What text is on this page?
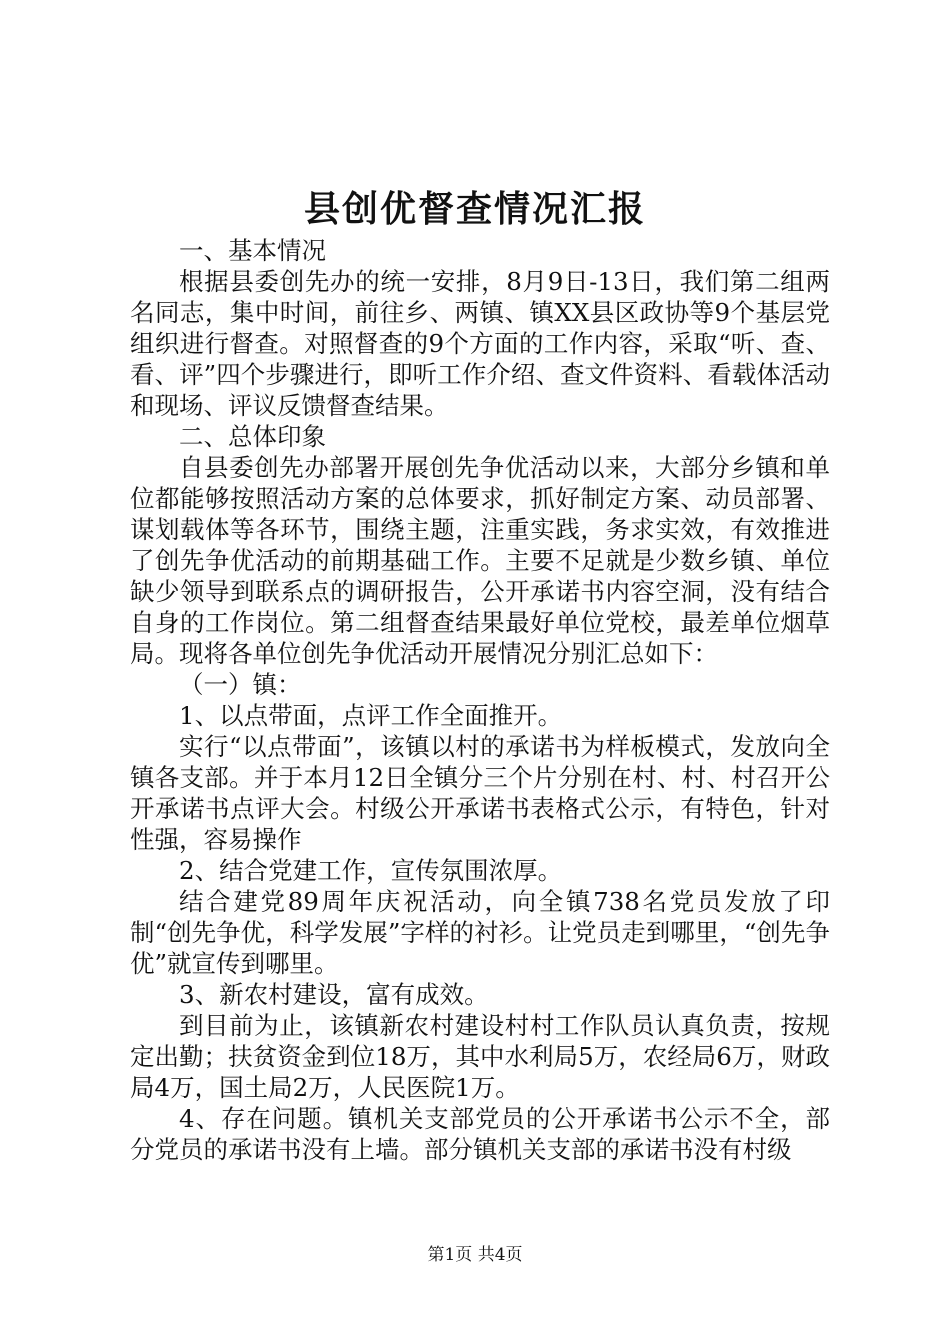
县创优督查情况汇报

一、基本情况

根据县委创先办的统一安排，8月9日-13日，我们第二组两名同志，集中时间，前往乡、两镇、镇XX县区政协等9个基层党组织进行督查。对照督查的9个方面的工作内容，采取“听、查、看、评”四个步骤进行，即听工作介绍、查文件资料、看载体活动和现场、评议反馈督查结果。

二、总体印象

自县委创先办部署开展创先争优活动以来，大部分乡镇和单位都能够按照活动方案的总体要求，抓好制定方案、动员部署、谋划载体等各环节，围绕主题，注重实践，务求实效，有效推进了创先争优活动的前期基础工作。主要不足就是少数乡镇、单位缺少领导到联系点的调研报告，公开承诺书内容空洞，没有结合自身的工作岗位。第二组督查结果最好单位党校，最差单位烟草局。现将各单位创先争优活动开展情况分别汇总如下：

（一）镇：

1、以点带面，点评工作全面推开。

实行“以点带面”，该镇以村的承诺书为样板模式，发放向全镇各支部。并于本月12日全镇分三个片分别在村、村、村召开公开承诺书点评大会。村级公开承诺书表格式公示，有特色，针对性强，容易操作

2、结合党建工作，宣传氛围浓厚。

结合建党89周年庆祝活动，向全镇738名党员发放了印制“创先争优，科学发展”字样的衬衫。让党员走到哪里，“创先争优”就宣传到哪里。

3、新农村建设，富有成效。

到目前为止，该镇新农村建设村村工作队员认真负责，按规定出勤；扶贫资金到位18万，其中水利局5万，农经局6万，财政局4万，国土局2万，人民医院1万。

4、存在问题。镇机关支部党员的公开承诺书公示不全，部分党员的承诺书没有上墙。部分镇机关支部的承诺书没有村级

第1页 共4页
